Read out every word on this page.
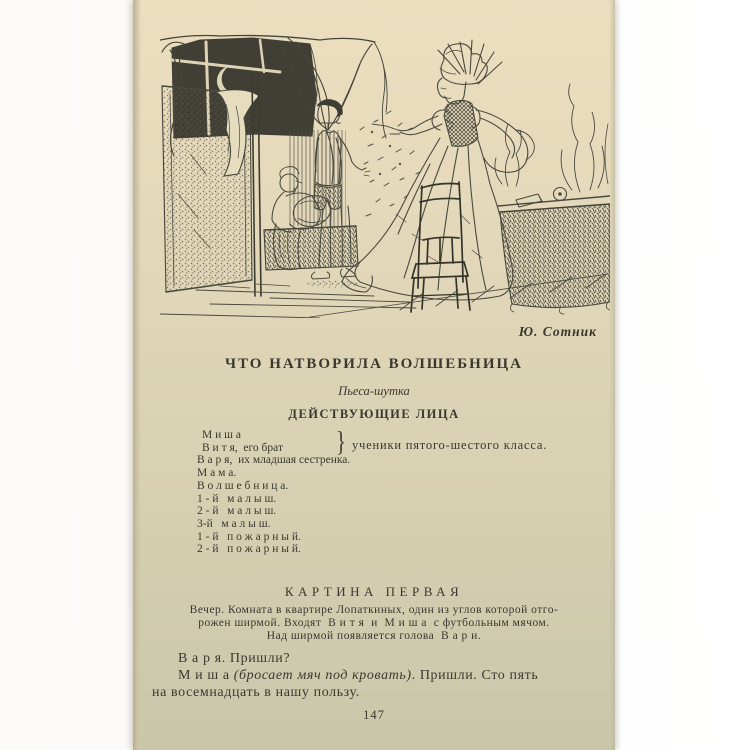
Ю. Сотник
ЧТО НАТВОРИЛА ВОЛШЕБНИЦА
Пьеса-шутка
ДЕЙСТВУЮЩИЕ ЛИЦА
М и ш а
В и т я,  его брат
В а р я,  их младшая сестренка.
М а м а.
В о л ш е б н и ц а.
1 - й   м а л ы ш.
2 - й   м а л ы ш.
3-й   м а л ы ш.
1 - й   п о ж а р н ы й.
2 - й   п о ж а р н ы й.
} ученики пятого-шестого класса.
КАРТИНА ПЕРВАЯ
Вечер. Комната в квартире Лопаткиных, один из углов которой отго-
рожен ширмой. Входят  В и т я  и  М и ш а  с футбольным мячом.
Над ширмой появляется голова  В а р и.

В а р я. Пришли?

М и ш а (бросает мяч под кровать). Пришли. Сто пять

на восемнадцать в нашу пользу.

147
